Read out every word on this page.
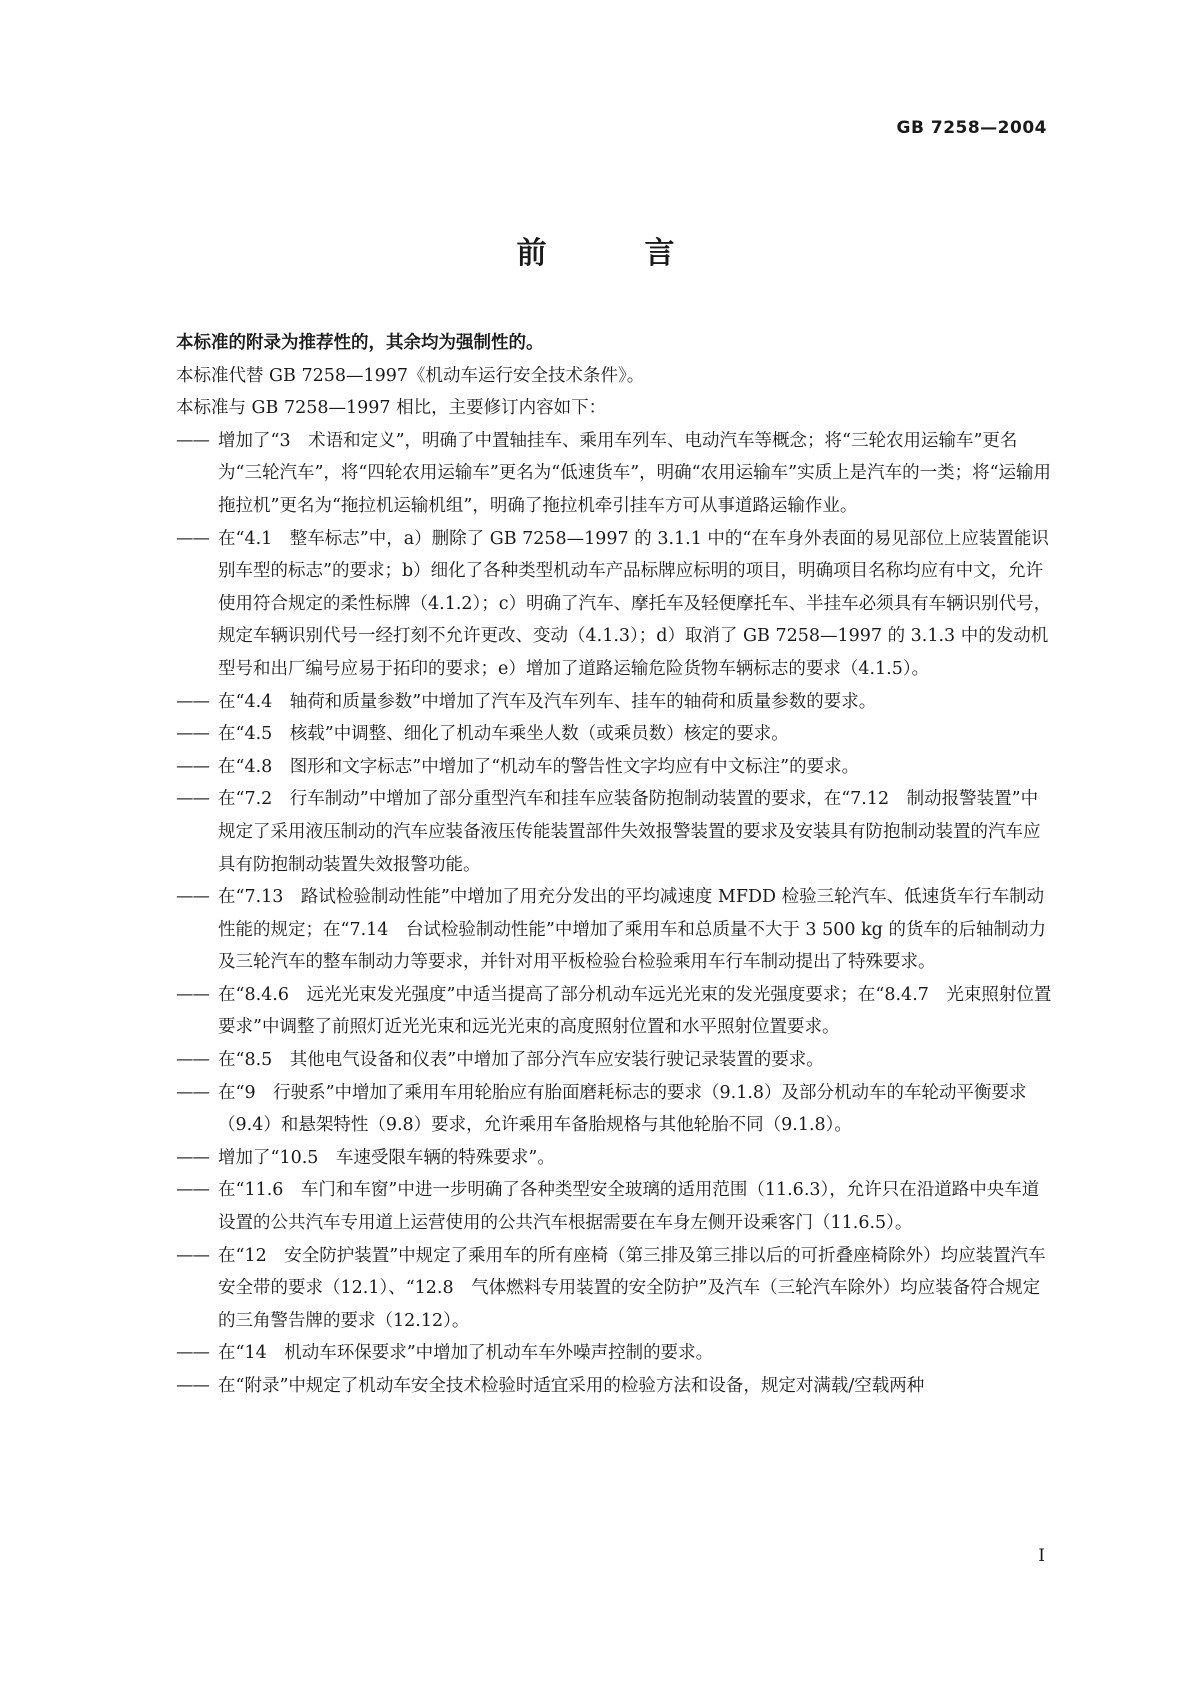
GB 7258—2004
前　言

本标准的附录为推荐性的，其余均为强制性的。

本标准代替 GB 7258—1997《机动车运行安全技术条件》。

本标准与 GB 7258—1997 相比，主要修订内容如下：

—— 增加了“3　术语和定义”，明确了中置轴挂车、乘用车列车、电动汽车等概念；将“三轮农用运输车”更名为“三轮汽车”，将“四轮农用运输车”更名为“低速货车”，明确“农用运输车”实质上是汽车的一类；将“运输用拖拉机”更名为“拖拉机运输机组”，明确了拖拉机牵引挂车方可从事道路运输作业。
—— 在“4.1　整车标志”中，a）删除了 GB 7258—1997 的 3.1.1 中的“在车身外表面的易见部位上应装置能识别车型的标志”的要求；b）细化了各种类型机动车产品标牌应标明的项目，明确项目名称均应有中文，允许使用符合规定的柔性标牌（4.1.2）；c）明确了汽车、摩托车及轻便摩托车、半挂车必须具有车辆识别代号，规定车辆识别代号一经打刻不允许更改、变动（4.1.3）；d）取消了 GB 7258—1997 的 3.1.3 中的发动机型号和出厂编号应易于拓印的要求；e）增加了道路运输危险货物车辆标志的要求（4.1.5）。
—— 在“4.4　轴荷和质量参数”中增加了汽车及汽车列车、挂车的轴荷和质量参数的要求。
—— 在“4.5　核载”中调整、细化了机动车乘坐人数（或乘员数）核定的要求。
—— 在“4.8　图形和文字标志”中增加了“机动车的警告性文字均应有中文标注”的要求。
—— 在“7.2　行车制动”中增加了部分重型汽车和挂车应装备防抱制动装置的要求，在“7.12　制动报警装置”中规定了采用液压制动的汽车应装备液压传能装置部件失效报警装置的要求及安装具有防抱制动装置的汽车应具有防抱制动装置失效报警功能。
—— 在“7.13　路试检验制动性能”中增加了用充分发出的平均减速度 MFDD 检验三轮汽车、低速货车行车制动性能的规定；在“7.14　台试检验制动性能”中增加了乘用车和总质量不大于 3 500 kg 的货车的后轴制动力及三轮汽车的整车制动力等要求，并针对用平板检验台检验乘用车行车制动提出了特殊要求。
—— 在“8.4.6　远光光束发光强度”中适当提高了部分机动车远光光束的发光强度要求；在“8.4.7　光束照射位置要求”中调整了前照灯近光光束和远光光束的高度照射位置和水平照射位置要求。
—— 在“8.5　其他电气设备和仪表”中增加了部分汽车应安装行驶记录装置的要求。
—— 在“9　行驶系”中增加了乘用车用轮胎应有胎面磨耗标志的要求（9.1.8）及部分机动车的车轮动平衡要求（9.4）和悬架特性（9.8）要求，允许乘用车备胎规格与其他轮胎不同（9.1.8）。
—— 增加了“10.5　车速受限车辆的特殊要求”。
—— 在“11.6　车门和车窗”中进一步明确了各种类型安全玻璃的适用范围（11.6.3），允许只在沿道路中央车道设置的公共汽车专用道上运营使用的公共汽车根据需要在车身左侧开设乘客门（11.6.5）。
—— 在“12　安全防护装置”中规定了乘用车的所有座椅（第三排及第三排以后的可折叠座椅除外）均应装置汽车安全带的要求（12.1）、“12.8　气体燃料专用装置的安全防护”及汽车（三轮汽车除外）均应装备符合规定的三角警告牌的要求（12.12）。
—— 在“14　机动车环保要求”中增加了机动车车外噪声控制的要求。
—— 在“附录”中规定了机动车安全技术检验时适宜采用的检验方法和设备，规定对满载/空载两种
I
